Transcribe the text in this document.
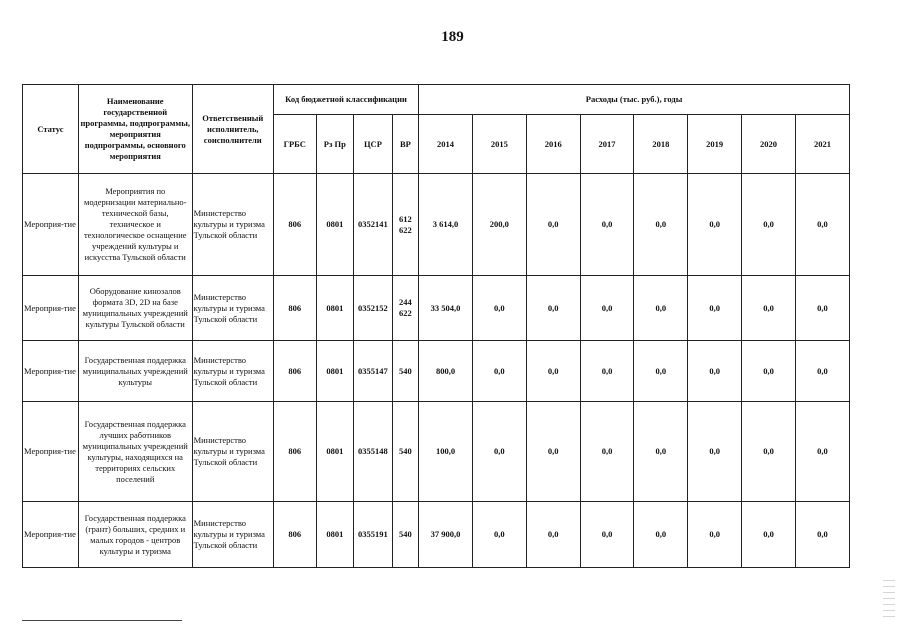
189
Статус	Наименование государственной программы, подпрограммы, мероприятия подпрограммы, основного мероприятия	Ответственный исполнитель, соисполнители	Код бюджетной классификации				Расходы (тыс. руб.), годы							
			ГРБС	Рз Пр	ЦСР	ВР	2014	2015	2016	2017	2018	2019	2020	2021
Мероприя-тие	Мероприятия по модернизации материально-технической базы, техническое и технологическое оснащение учреждений культуры и искусства Тульской области	Министерство культуры и туризма Тульской области	806	0801	0352141	612 622	3 614,0	200,0	0,0	0,0	0,0	0,0	0,0	0,0
Мероприя-тие	Оборудование кинозалов формата 3D, 2D на базе муниципальных учреждений культуры Тульской области	Министерство культуры и туризма Тульской области	806	0801	0352152	244 622	33 504,0	0,0	0,0	0,0	0,0	0,0	0,0	0,0
Мероприя-тие	Государственная поддержка муниципальных учреждений культуры	Министерство культуры и туризма Тульской области	806	0801	0355147	540	800,0	0,0	0,0	0,0	0,0	0,0	0,0	0,0
Мероприя-тие	Государственная поддержка лучших работников муниципальных учреждений культуры, находящихся на территориях сельских поселений	Министерство культуры и туризма Тульской области	806	0801	0355148	540	100,0	0,0	0,0	0,0	0,0	0,0	0,0	0,0
Мероприя-тие	Государственная поддержка (грант) больших, средних и малых городов - центров культуры и туризма	Министерство культуры и туризма Тульской области	806	0801	0355191	540	37 900,0	0,0	0,0	0,0	0,0	0,0	0,0	0,0
